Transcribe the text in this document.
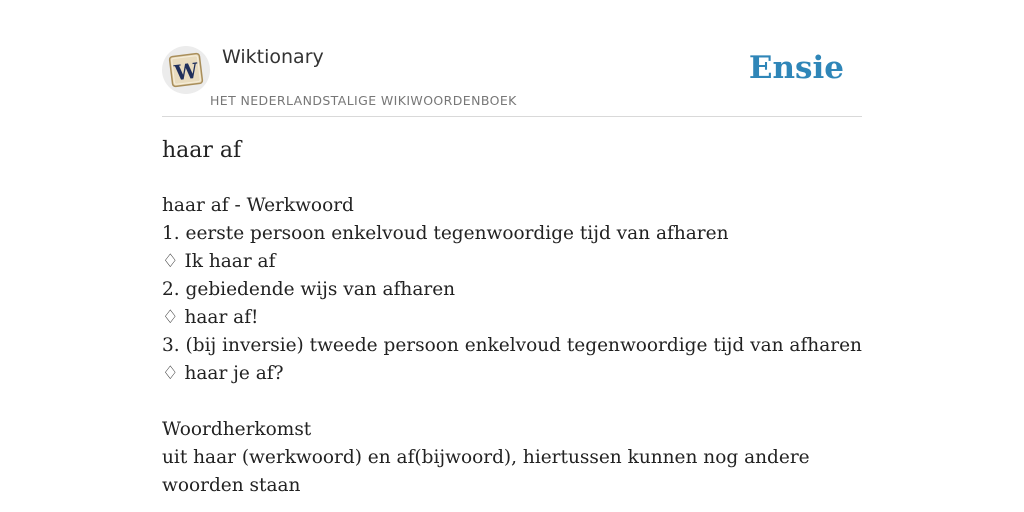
W
Wiktionary
HET NEDERLANDSTALIGE WIKIWOORDENBOEK
Ensie
haar af
haar af - Werkwoord
1. eerste persoon enkelvoud tegenwoordige tijd van afharen
♢ Ik haar af
2. gebiedende wijs van afharen
♢ haar af!
3. (bij inversie) tweede persoon enkelvoud tegenwoordige tijd van afharen
♢ haar je af?
Woordherkomst
uit haar (werkwoord) en af(bijwoord), hiertussen kunnen nog andere woorden staan
